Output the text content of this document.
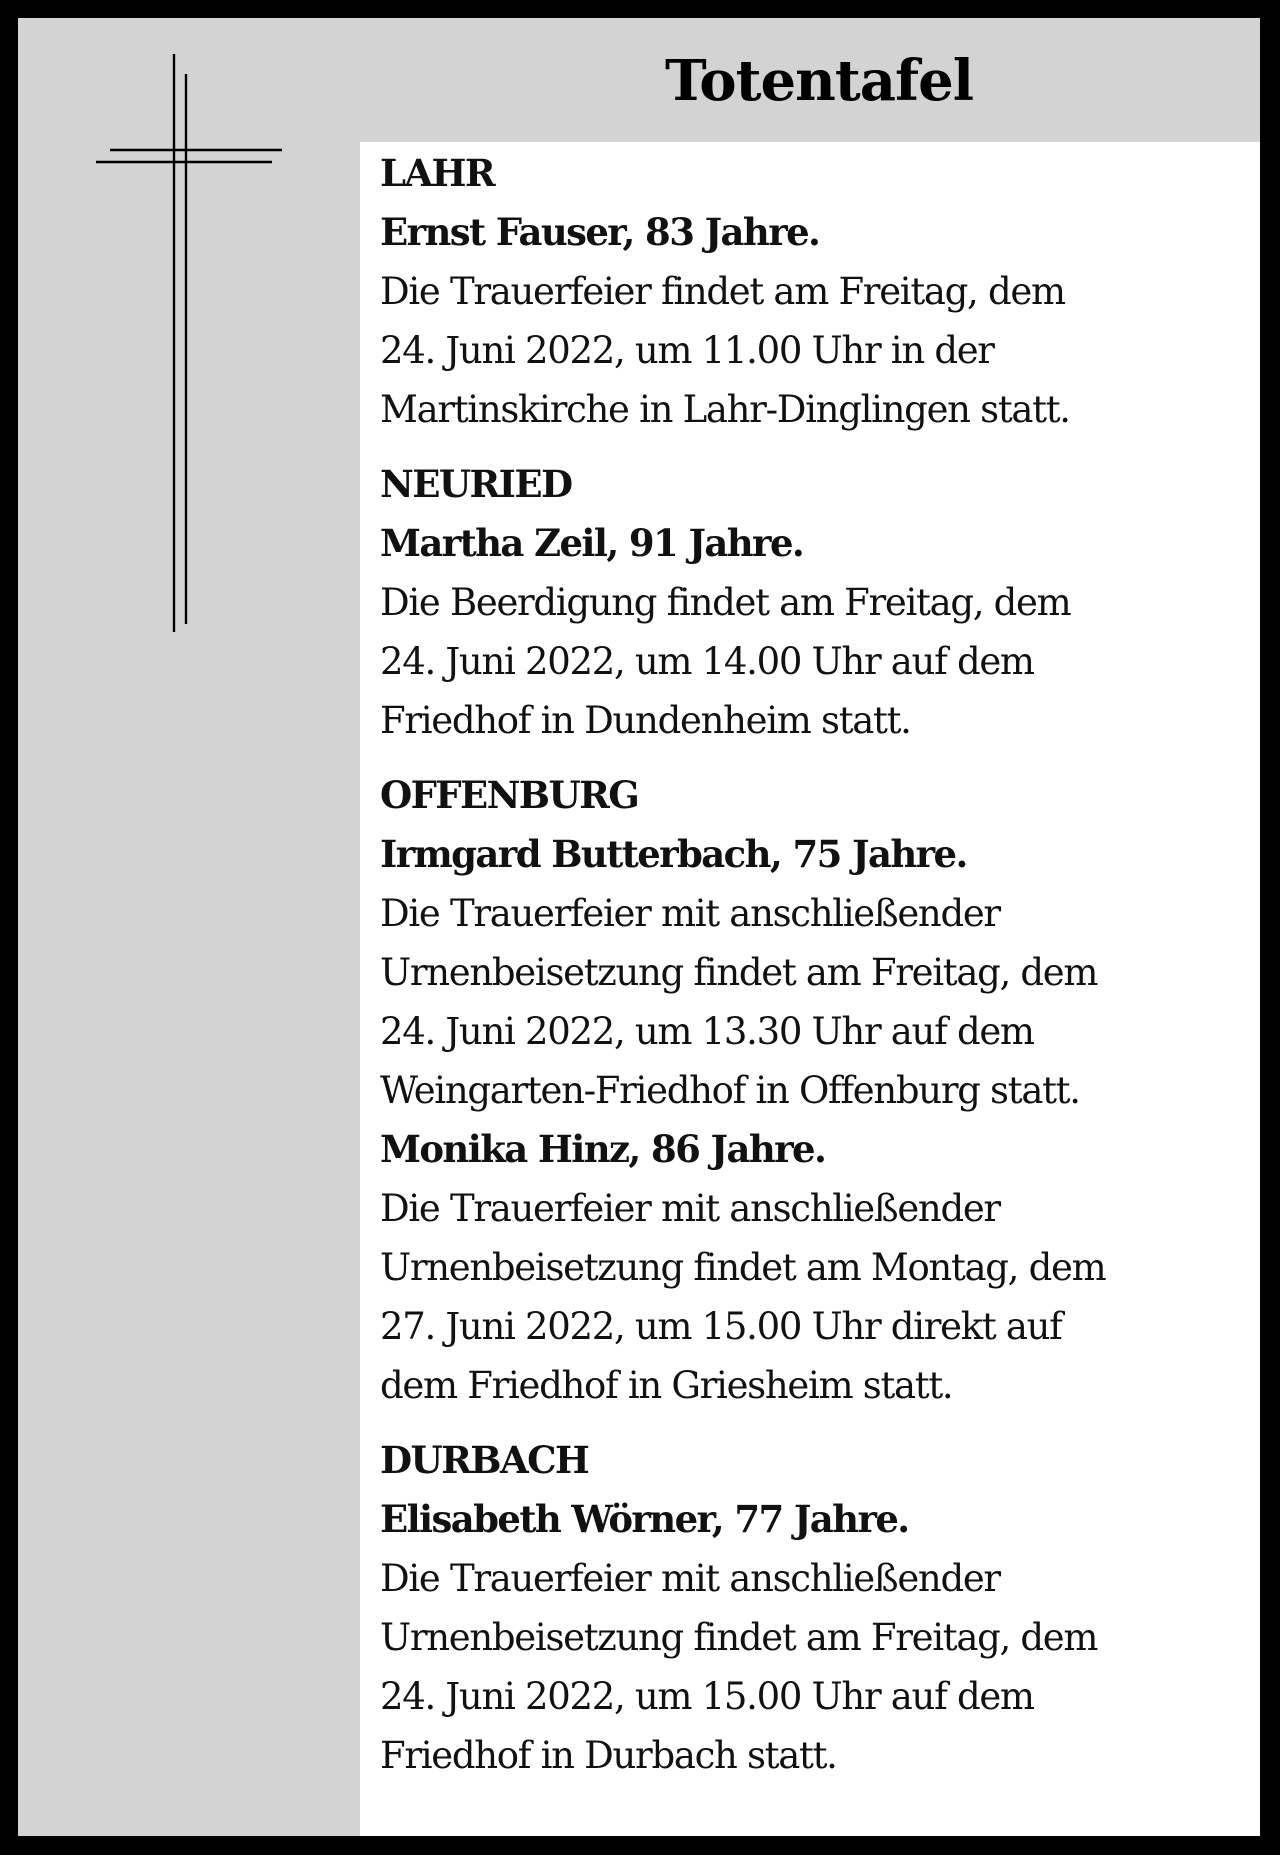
Totentafel
LAHR
Ernst Fauser, 83 Jahre.
Die Trauerfeier findet am Freitag, dem
24. Juni 2022, um 11.00 Uhr in der
Martinskirche in Lahr-Dinglingen statt.
NEURIED
Martha Zeil, 91 Jahre.
Die Beerdigung findet am Freitag, dem
24. Juni 2022, um 14.00 Uhr auf dem
Friedhof in Dundenheim statt.
OFFENBURG
Irmgard Butterbach, 75 Jahre.
Die Trauerfeier mit anschließender
Urnenbeisetzung findet am Freitag, dem
24. Juni 2022, um 13.30 Uhr auf dem
Weingarten-Friedhof in Offenburg statt.
Monika Hinz, 86 Jahre.
Die Trauerfeier mit anschließender
Urnenbeisetzung findet am Montag, dem
27. Juni 2022, um 15.00 Uhr direkt auf
dem Friedhof in Griesheim statt.
DURBACH
Elisabeth Wörner, 77 Jahre.
Die Trauerfeier mit anschließender
Urnenbeisetzung findet am Freitag, dem
24. Juni 2022, um 15.00 Uhr auf dem
Friedhof in Durbach statt.
